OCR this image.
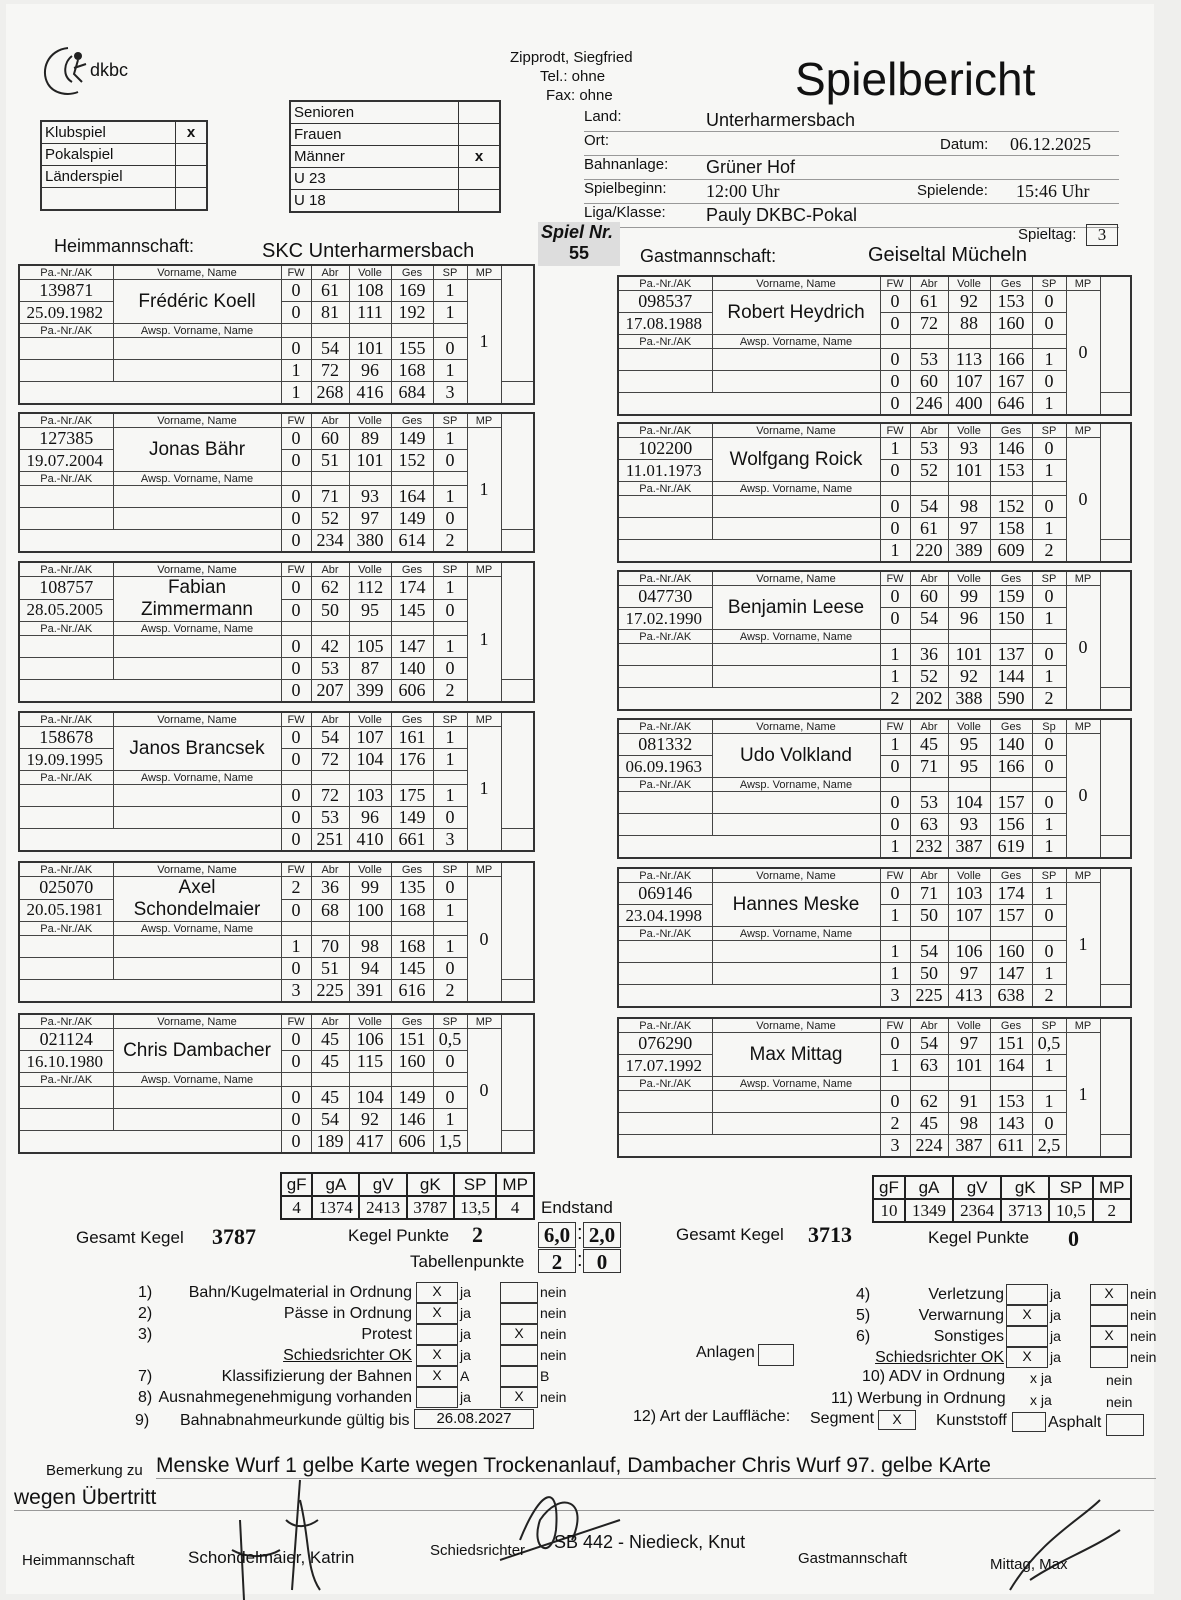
dkbc
Klubspiel	x
Pokalspiel	
Länderspiel	

Senioren	
Frauen	
Männer	x
U 23	
U 18	
Zipprodt, Siegfried
Tel.: ohne
Fax: ohne	Spielbericht
Land:	Unterharmersbach
Ort:	Datum: 06.12.2025
Bahnanlage: Grüner Hof
Spielbeginn: 12:00 Uhr	Spielende: 15:46 Uhr
Liga/Klasse: Pauly DKBC-Pokal
Spiel Nr.
55
Spieltag:	3
Heimmannschaft:	SKC Unterharmersbach	Gastmannschaft:	Geiseltal Mücheln
Pa.-Nr./AK	Vorname, Name	FW	Abr	Volle	Ges	SP	MP	
139871	Frédéric Koell	0	61	108	169	1	1	
25.09.1982		0	81	111	192	1		
Pa.-Nr./AK	Awsp. Vorname, Name							
		0	54	101	155	0		
		1	72	96	168	1		
		1	268	416	684	3		
Pa.-Nr./AK	Vorname, Name	FW	Abr	Volle	Ges	SP	MP	
127385	Jonas Bähr	0	60	89	149	1	1	
19.07.2004		0	51	101	152	0		
Pa.-Nr./AK	Awsp. Vorname, Name							
		0	71	93	164	1		
		0	52	97	149	0		
		0	234	380	614	2		
Pa.-Nr./AK	Vorname, Name	FW	Abr	Volle	Ges	SP	MP	
108757	Fabian Zimmermann	0	62	112	174	1	1	
28.05.2005		0	50	95	145	0		
Pa.-Nr./AK	Awsp. Vorname, Name							
		0	42	105	147	1		
		0	53	87	140	0		
		0	207	399	606	2		
Pa.-Nr./AK	Vorname, Name	FW	Abr	Volle	Ges	SP	MP	
158678	Janos Brancsek	0	54	107	161	1	1	
19.09.1995		0	72	104	176	1		
Pa.-Nr./AK	Awsp. Vorname, Name							
		0	72	103	175	1		
		0	53	96	149	0		
		0	251	410	661	3		
Pa.-Nr./AK	Vorname, Name	FW	Abr	Volle	Ges	SP	MP	
025070	Axel Schondelmaier	2	36	99	135	0	0	
20.05.1981		0	68	100	168	1		
Pa.-Nr./AK	Awsp. Vorname, Name							
		1	70	98	168	1		
		0	51	94	145	0		
		3	225	391	616	2		
Pa.-Nr./AK	Vorname, Name	FW	Abr	Volle	Ges	SP	MP	
021124	Chris Dambacher	0	45	106	151	0,5	0	
16.10.1980		0	45	115	160	0		
Pa.-Nr./AK	Awsp. Vorname, Name							
		0	45	104	149	0		
		0	54	92	146	1		
		0	189	417	606	1,5		
Pa.-Nr./AK	Vorname, Name	FW	Abr	Volle	Ges	SP	MP	
098537	Robert Heydrich	0	61	92	153	0	0	
17.08.1988		0	72	88	160	0		
Pa.-Nr./AK	Awsp. Vorname, Name							
		0	53	113	166	1		
		0	60	107	167	0		
		0	246	400	646	1		
Pa.-Nr./AK	Vorname, Name	FW	Abr	Volle	Ges	SP	MP	
102200	Wolfgang Roick	1	53	93	146	0	0	
11.01.1973		0	52	101	153	1		
Pa.-Nr./AK	Awsp. Vorname, Name							
		0	54	98	152	0		
		0	61	97	158	1		
		1	220	389	609	2		
Pa.-Nr./AK	Vorname, Name	FW	Abr	Volle	Ges	SP	MP	
047730	Benjamin Leese	0	60	99	159	0	0	
17.02.1990		0	54	96	150	1		
Pa.-Nr./AK	Awsp. Vorname, Name							
		1	36	101	137	0		
		1	52	92	144	1		
		2	202	388	590	2		
Pa.-Nr./AK	Vorname, Name	FW	Abr	Volle	Ges	Sp	MP	
081332	Udo Volkland	1	45	95	140	0	0	
06.09.1963		0	71	95	166	0		
Pa.-Nr./AK	Awsp. Vorname, Name							
		0	53	104	157	0		
		0	63	93	156	1		
		1	232	387	619	1		
Pa.-Nr./AK	Vorname, Name	FW	Abr	Volle	Ges	SP	MP	
069146	Hannes Meske	0	71	103	174	1	1	
23.04.1998		1	50	107	157	0		
Pa.-Nr./AK	Awsp. Vorname, Name							
		1	54	106	160	0		
		1	50	97	147	1		
		3	225	413	638	2		
Pa.-Nr./AK	Vorname, Name	FW	Abr	Volle	Ges	SP	MP	
076290	Max Mittag	0	54	97	151	0,5	1	
17.07.1992		1	63	101	164	1		
Pa.-Nr./AK	Awsp. Vorname, Name							
		0	62	91	153	1		
		2	45	98	143	0		
		3	224	387	611	2,5		
gF	gA	gV	gK	SP	MP
4	1374	2413	3787	13,5	4
gF	gA	gV	gK	SP	MP
10	1349	2364	3713	10,5	2
Gesamt Kegel 3787	Kegel Punkte 2
Endstand
6,0 : 2,0
Tabellenpunkte	2 : 0
Gesamt Kegel 3713	Kegel Punkte 0
1) Bahn/Kugelmaterial in Ordnung	X	ja	nein
2)	Pässe in Ordnung	X	ja	nein
3)	Protest	ja	X	nein
Schiedsrichter OK	X	ja	nein
7)	Klassifizierung der Bahnen	X	A	B
8) Ausnahmegenehmigung vorhanden	ja	X	nein
9) Bahnabnahmeurkunde gültig bis	26.08.2027
4)	Verletzung	ja	X	nein
5)	Verwarnung	X	ja	nein
6)	Sonstiges	ja	X	nein
Schiedsrichter OK	X	ja	nein
Anlagen
10) ADV in Ordnung x ja	nein
11) Werbung in Ordnung x ja	nein
12) Art der Lauffläche: Segment	X	Kunststoff	Asphalt
Bemerkung zu Menske Wurf 1 gelbe Karte wegen Trockenanlauf, Dambacher Chris Wurf 97. gelbe KArte
wegen Übertritt
Heimmannschaft	Schondelmaier, Katrin	Schiedsrichter SB 442 - Niedieck, Knut
Gastmannschaft	Mittag, Max
